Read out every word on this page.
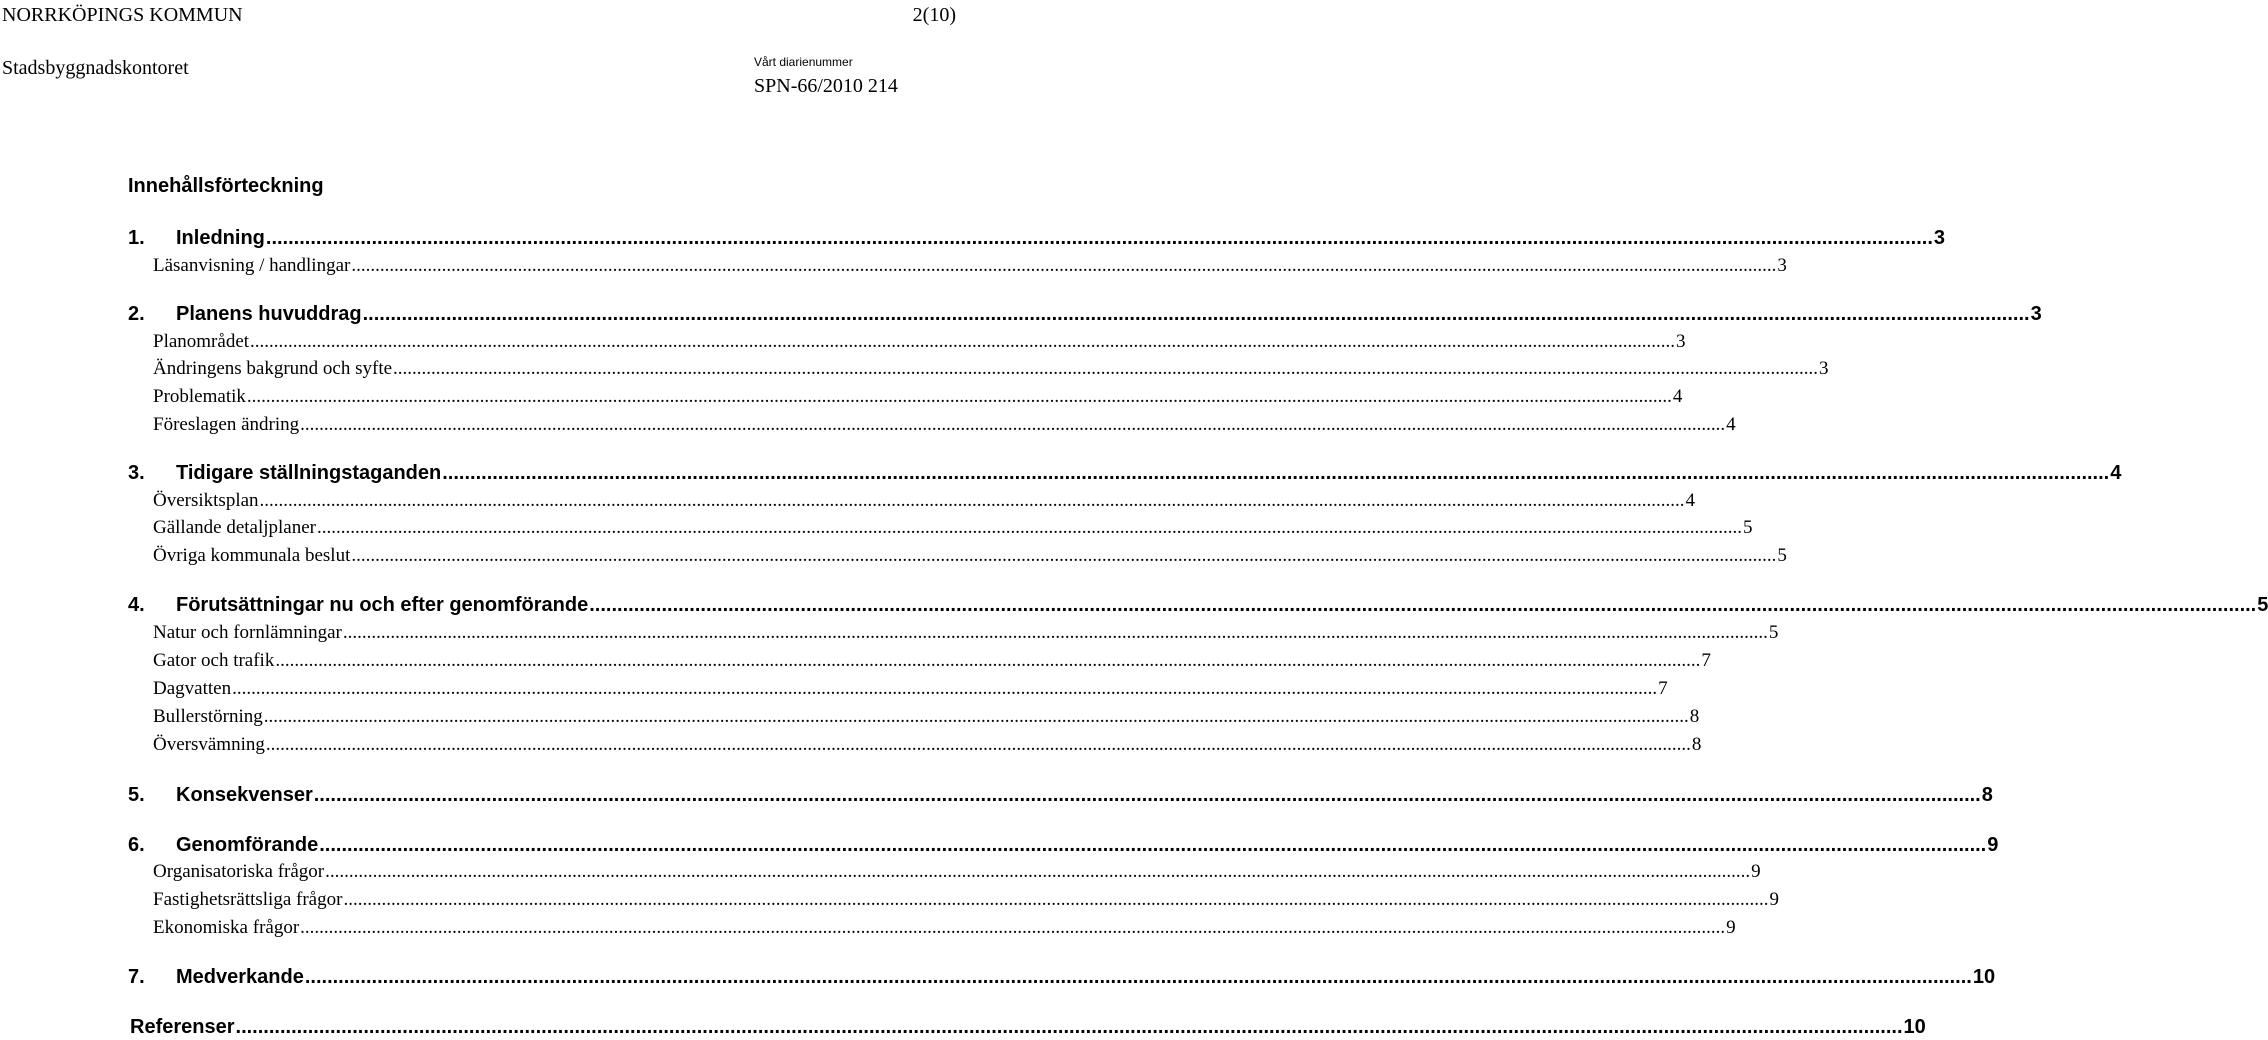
NORRKÖPINGS KOMMUN	2(10)
Stadsbyggnadskontoret	Vårt diarienummer
SPN-66/2010 214
Innehållsförteckning
1. Inledning ............................................................................................................................................................................................................................................................................................................ 3
Läsanvisning / handlingar ............................................................................................................................................................................................................................................................................................................ 3
2. Planens huvuddrag ............................................................................................................................................................................................................................................................................................................ 3
Planområdet ............................................................................................................................................................................................................................................................................................................ 3
Ändringens bakgrund och syfte ............................................................................................................................................................................................................................................................................................................ 3
Problematik ............................................................................................................................................................................................................................................................................................................ 4
Föreslagen ändring ............................................................................................................................................................................................................................................................................................................ 4
3. Tidigare ställningstaganden ............................................................................................................................................................................................................................................................................................................ 4
Översiktsplan ............................................................................................................................................................................................................................................................................................................ 4
Gällande detaljplaner ............................................................................................................................................................................................................................................................................................................ 5
Övriga kommunala beslut ............................................................................................................................................................................................................................................................................................................ 5
4. Förutsättningar nu och efter genomförande ............................................................................................................................................................................................................................................................................................................ 5
Natur och fornlämningar ............................................................................................................................................................................................................................................................................................................ 5
Gator och trafik ............................................................................................................................................................................................................................................................................................................ 7
Dagvatten ............................................................................................................................................................................................................................................................................................................ 7
Bullerstörning ............................................................................................................................................................................................................................................................................................................ 8
Översvämning ............................................................................................................................................................................................................................................................................................................ 8
5. Konsekvenser ............................................................................................................................................................................................................................................................................................................ 8
6. Genomförande ............................................................................................................................................................................................................................................................................................................ 9
Organisatoriska frågor ............................................................................................................................................................................................................................................................................................................ 9
Fastighetsrättsliga frågor ............................................................................................................................................................................................................................................................................................................ 9
Ekonomiska frågor ............................................................................................................................................................................................................................................................................................................ 9
7. Medverkande ............................................................................................................................................................................................................................................................................................................ 10
Referenser ............................................................................................................................................................................................................................................................................................................ 10
